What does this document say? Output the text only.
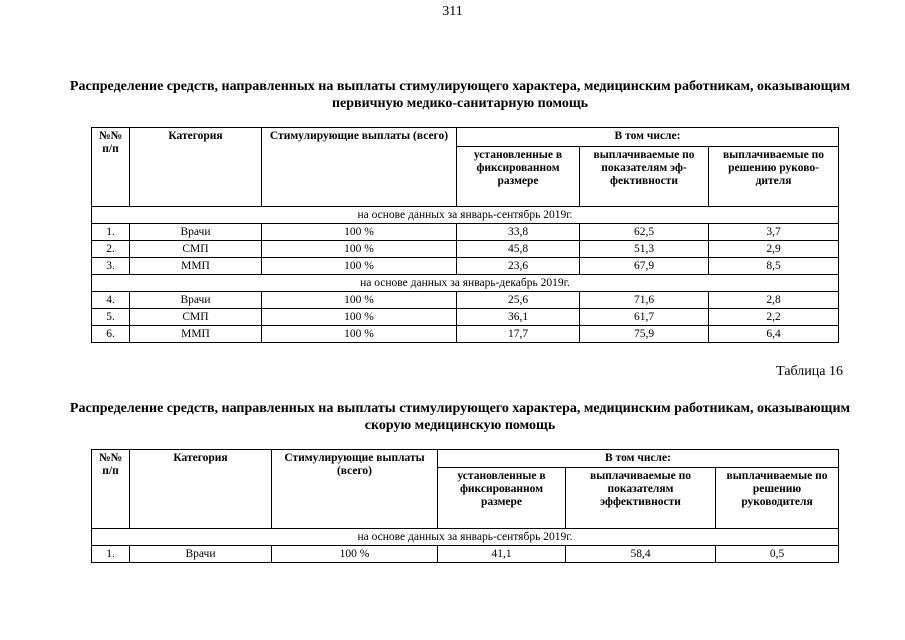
311
Распределение средств, направленных на выплаты стимулирующего характера, медицинским работникам, оказывающим первичную медико-санитарную помощь
№№ п/п	Категория	Стимулирующие выплаты (всего)	В том числе:		
			установленные в фиксированном размере	выплачиваемые по показателям эф-фективности	выплачиваемые по решению руково-дителя
на основе данных за январь-сентябрь 2019г.					
1.	Врачи	100 %	33,8	62,5	3,7
2.	СМП	100 %	45,8	51,3	2,9
3.	ММП	100 %	23,6	67,9	8,5
на основе данных за январь-декабрь 2019г.					
4.	Врачи	100 %	25,6	71,6	2,8
5.	СМП	100 %	36,1	61,7	2,2
6.	ММП	100 %	17,7	75,9	6,4
Таблица 16
Распределение средств, направленных на выплаты стимулирующего характера, медицинским работникам, оказывающим скорую медицинскую помощь
№№ п/п	Категория	Стимулирующие выплаты (всего)	В том числе:		
			установленные в фиксированном размере	выплачиваемые по показателям эффективности	выплачиваемые по решению руководителя
на основе данных за январь-сентябрь 2019г.					
1.	Врачи	100 %	41,1	58,4	0,5
